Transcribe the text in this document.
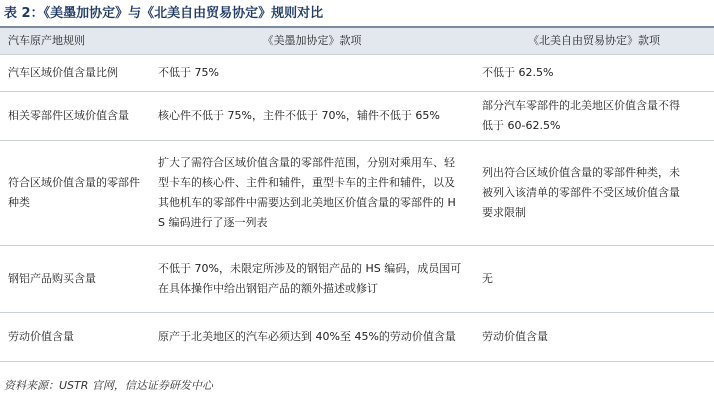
表 2：《美墨加协定》与《北美自由贸易协定》规则对比
汽车原产地规则	《美墨加协定》款项	《北美自由贸易协定》款项
汽车区域价值含量比例	不低于 75%	不低于 62.5%
相关零部件区域价值含量	核心件不低于 75%，主件不低于 70%，辅件不低于 65%	部分汽车零部件的北美地区价值含量不得低于 60-62.5%
符合区域价值含量的零部件种类	扩大了需符合区域价值含量的零部件范围，分别对乘用车、轻型卡车的核心件、主件和辅件，重型卡车的主件和辅件，以及其他机车的零部件中需要达到北美地区价值含量的零部件的 HS 编码进行了逐一列表	列出符合区域价值含量的零部件种类，未被列入该清单的零部件不受区域价值含量要求限制
钢铝产品购买含量	不低于 70%，未限定所涉及的钢铝产品的 HS 编码，成员国可在具体操作中给出钢铝产品的额外描述或修订	无
劳动价值含量	原产于北美地区的汽车必须达到 40%至 45%的劳动价值含量	劳动价值含量
资料来源：USTR 官网，信达证券研发中心
